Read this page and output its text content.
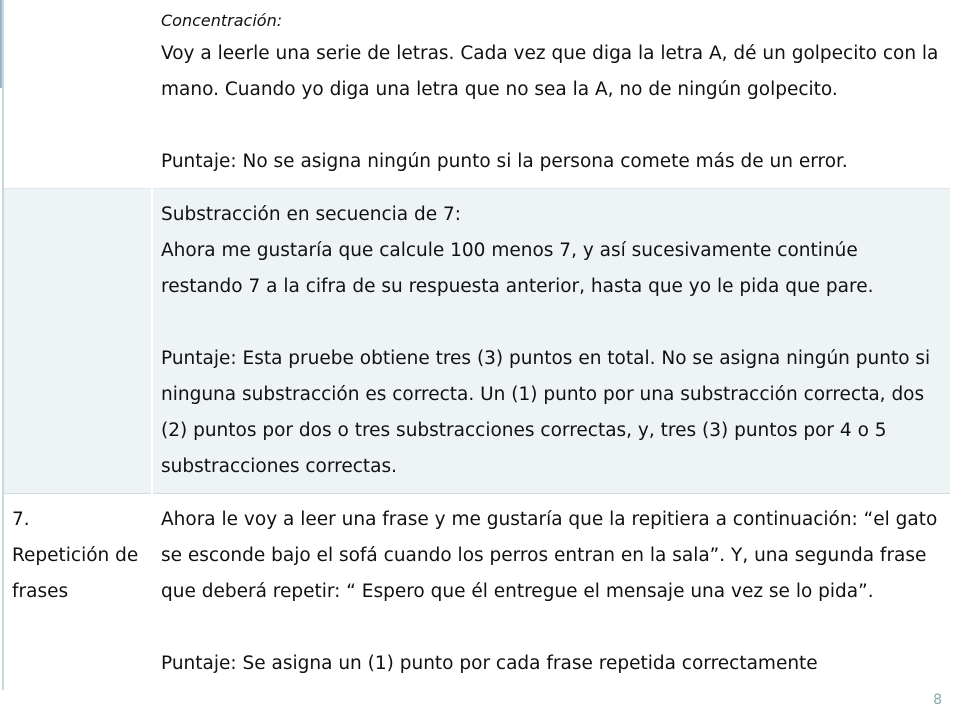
	Concentración:
Voy a leerle una serie de letras. Cada vez que diga la letra A, dé un golpecito con la mano. Cuando yo diga una letra que no sea la A, no de ningún golpecito.
Puntaje: No se asigna ningún punto si la persona comete más de un error.

	Substracción en secuencia de 7:
Ahora me gustaría que calcule 100 menos 7, y así sucesivamente continúe restando 7 a la cifra de su respuesta anterior, hasta que yo le pida que pare.
Puntaje: Esta pruebe obtiene tres (3) puntos en total. No se asigna ningún punto si ninguna substracción es correcta. Un (1) punto por una substracción correcta, dos (2) puntos por dos o tres substracciones correctas, y, tres (3) puntos por 4 o 5 substracciones correctas.

7.
Repetición de frases	Ahora le voy a leer una frase y me gustaría que la repitiera a continuación: “el gato se esconde bajo el sofá cuando los perros entran en la sala”. Y, una segunda frase que deberá repetir: “ Espero que él entregue el mensaje una vez se lo pida”.
Puntaje: Se asigna un (1) punto por cada frase repetida correctamente
8
